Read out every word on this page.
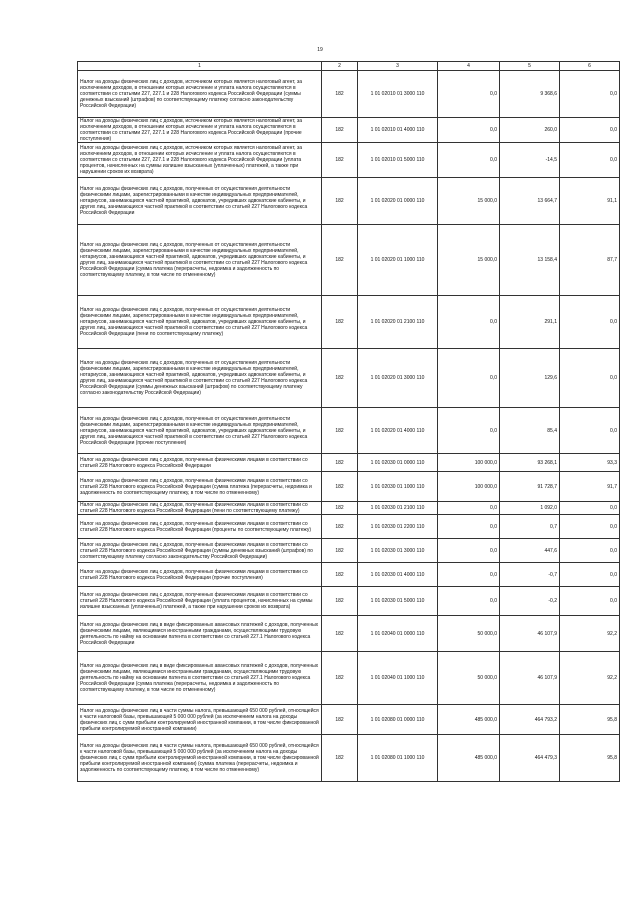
19
1	2	3	4	5	6
Налог на доходы физических лиц с доходов, источником которых является налоговый агент, за исключением доходов, в отношении которых исчисление и уплата налога осуществляются в соответствии со статьями 227, 227.1 и 228 Налогового кодекса Российской Федерации (суммы денежных взысканий (штрафов) по соответствующему платежу согласно законодательству Российской Федерации)	182	1 01 02010 01 3000 110	0,0	9 368,6	0,0
Налог на доходы физических лиц с доходов, источником которых является налоговый агент, за исключением доходов, в отношении которых исчисление и уплата налога осуществляются в соответствии со статьями 227, 227.1 и 228 Налогового кодекса Российской Федерации (прочие поступления)	182	1 01 02010 01 4000 110	0,0	260,0	0,0
Налог на доходы физических лиц с доходов, источником которых является налоговый агент, за исключением доходов, в отношении которых исчисление и уплата налога осуществляются в соответствии со статьями 227, 227.1 и 228 Налогового кодекса Российской Федерации (уплата процентов, начисленных на суммы излишне взысканных (уплаченных) платежей, а также при нарушении сроков их возврата)	182	1 01 02010 01 5000 110	0,0	-14,5	0,0
Налог на доходы физических лиц с доходов, полученных от осуществления деятельности физическими лицами, зарегистрированными в качестве индивидуальных предпринимателей, нотариусов, занимающихся частной практикой, адвокатов, учредивших адвокатские кабинеты, и других лиц, занимающихся частной практикой в соответствии со статьей 227 Налогового кодекса Российской Федерации	182	1 01 02020 01 0000 110	15 000,0	13 664,7	91,1
Налог на доходы физических лиц с доходов, полученных от осуществления деятельности физическими лицами, зарегистрированными в качестве индивидуальных предпринимателей, нотариусов, занимающихся частной практикой, адвокатов, учредивших адвокатские кабинеты, и других лиц, занимающихся частной практикой в соответствии со статьей 227 Налогового кодекса Российской Федерации (сумма платежа (перерасчеты, недоимка и задолженность по соответствующему платежу, в том числе по отмененному)	182	1 01 02020 01 1000 110	15 000,0	13 158,4	87,7
Налог на доходы физических лиц с доходов, полученных от осуществления деятельности физическими лицами, зарегистрированными в качестве индивидуальных предпринимателей, нотариусов, занимающихся частной практикой, адвокатов, учредивших адвокатские кабинеты, и других лиц, занимающихся частной практикой в соответствии со статьей 227 Налогового кодекса Российской Федерации (пени по соответствующему платежу)	182	1 01 02020 01 2100 110	0,0	291,1	0,0
Налог на доходы физических лиц с доходов, полученных от осуществления деятельности физическими лицами, зарегистрированными в качестве индивидуальных предпринимателей, нотариусов, занимающихся частной практикой, адвокатов, учредивших адвокатские кабинеты, и других лиц, занимающихся частной практикой в соответствии со статьей 227 Налогового кодекса Российской Федерации (суммы денежных взысканий (штрафов) по соответствующему платежу согласно законодательству Российской Федерации)	182	1 01 02020 01 3000 110	0,0	129,6	0,0
Налог на доходы физических лиц с доходов, полученных от осуществления деятельности физическими лицами, зарегистрированными в качестве индивидуальных предпринимателей, нотариусов, занимающихся частной практикой, адвокатов, учредивших адвокатские кабинеты, и других лиц, занимающихся частной практикой в соответствии со статьей 227 Налогового кодекса Российской Федерации (прочие поступления)	182	1 01 02020 01 4000 110	0,0	85,4	0,0
Налог на доходы физических лиц с доходов, полученных физическими лицами в соответствии со статьей 228 Налогового кодекса Российской Федерации	182	1 01 02030 01 0000 110	100 000,0	93 268,1	93,3
Налог на доходы физических лиц с доходов, полученных физическими лицами в соответствии со статьей 228 Налогового кодекса Российской Федерации (сумма платежа (перерасчеты, недоимка и задолженность по соответствующему платежу, в том числе по отмененному)	182	1 01 02030 01 1000 110	100 000,0	91 728,7	91,7
Налог на доходы физических лиц с доходов, полученных физическими лицами в соответствии со статьей 228 Налогового кодекса Российской Федерации (пени по соответствующему платежу)	182	1 01 02030 01 2100 110	0,0	1 092,0	0,0
Налог на доходы физических лиц с доходов, полученных физическими лицами в соответствии со статьей 228 Налогового кодекса Российской Федерации (проценты по соответствующему платежу)	182	1 01 02030 01 2200 110	0,0	0,7	0,0
Налог на доходы физических лиц с доходов, полученных физическими лицами в соответствии со статьей 228 Налогового кодекса Российской Федерации (суммы денежных взысканий (штрафов) по соответствующему платежу согласно законодательству Российской Федерации)	182	1 01 02030 01 3000 110	0,0	447,6	0,0
Налог на доходы физических лиц с доходов, полученных физическими лицами в соответствии со статьей 228 Налогового кодекса Российской Федерации (прочие поступления)	182	1 01 02030 01 4000 110	0,0	-0,7	0,0
Налог на доходы физических лиц с доходов, полученных физическими лицами в соответствии со статьей 228 Налогового кодекса Российской Федерации (уплата процентов, начисленных на суммы излишне взысканных (уплаченных) платежей, а также при нарушении сроков их возврата)	182	1 01 02030 01 5000 110	0,0	-0,2	0,0
Налог на доходы физических лиц в виде фиксированных авансовых платежей с доходов, полученных физическими лицами, являющимися иностранными гражданами, осуществляющими трудовую деятельность по найму на основании патента в соответствии со статьей 227.1 Налогового кодекса Российской Федерации	182	1 01 02040 01 0000 110	50 000,0	46 107,9	92,2
Налог на доходы физических лиц в виде фиксированных авансовых платежей с доходов, полученных физическими лицами, являющимися иностранными гражданами, осуществляющими трудовую деятельность по найму на основании патента в соответствии со статьей 227.1 Налогового кодекса Российской Федерации (сумма платежа (перерасчеты, недоимка и задолженность по соответствующему платежу, в том числе по отмененному)	182	1 01 02040 01 1000 110	50 000,0	46 107,9	92,2
Налог на доходы физических лиц в части суммы налога, превышающей 650 000 рублей, относящейся к части налоговой базы, превышающей 5 000 000 рублей (за исключением налога на доходы физических лиц с сумм прибыли контролируемой иностранной компании, в том числе фиксированной прибыли контролируемой иностранной компании)	182	1 01 02080 01 0000 110	485 000,0	464 793,2	95,8
Налог на доходы физических лиц в части суммы налога, превышающей 650 000 рублей, относящейся к части налоговой базы, превышающей 5 000 000 рублей (за исключением налога на доходы физических лиц с сумм прибыли контролируемой иностранной компании, в том числе фиксированной прибыли контролируемой иностранной компании) (сумма платежа (перерасчеты, недоимка и задолженность по соответствующему платежу, в том числе по отмененному)	182	1 01 02080 01 1000 110	485 000,0	464 479,3	95,8
